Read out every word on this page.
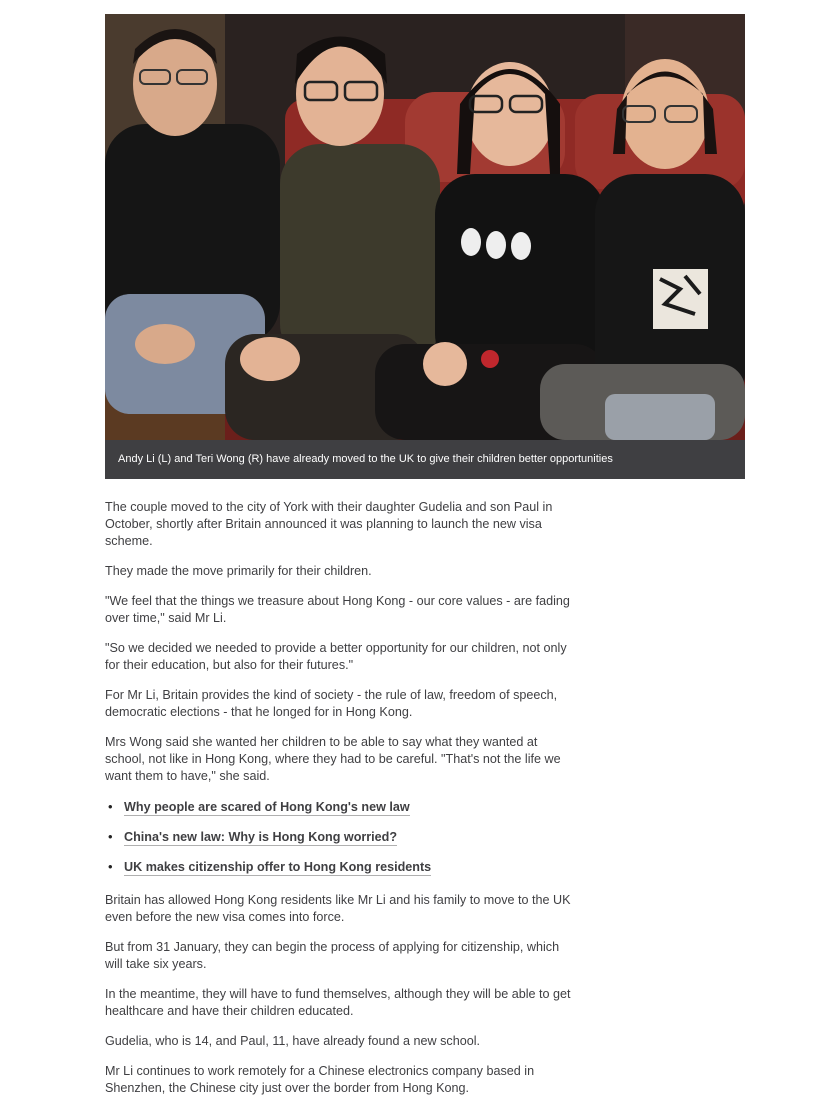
Andy Li (L) and Teri Wong (R) have already moved to the UK to give their children better opportunities

The couple moved to the city of York with their daughter Gudelia and son Paul in October, shortly after Britain announced it was planning to launch the new visa scheme.

They made the move primarily for their children.

"We feel that the things we treasure about Hong Kong - our core values - are fading over time," said Mr Li.

"So we decided we needed to provide a better opportunity for our children, not only for their education, but also for their futures."

For Mr Li, Britain provides the kind of society - the rule of law, freedom of speech, democratic elections - that he longed for in Hong Kong.

Mrs Wong said she wanted her children to be able to say what they wanted at school, not like in Hong Kong, where they had to be careful. "That's not the life we want them to have," she said.

• Why people are scared of Hong Kong's new law
• China's new law: Why is Hong Kong worried?
• UK makes citizenship offer to Hong Kong residents

Britain has allowed Hong Kong residents like Mr Li and his family to move to the UK even before the new visa comes into force.

But from 31 January, they can begin the process of applying for citizenship, which will take six years.

In the meantime, they will have to fund themselves, although they will be able to get healthcare and have their children educated.

Gudelia, who is 14, and Paul, 11, have already found a new school.

Mr Li continues to work remotely for a Chinese electronics company based in Shenzhen, the Chinese city just over the border from Hong Kong.
